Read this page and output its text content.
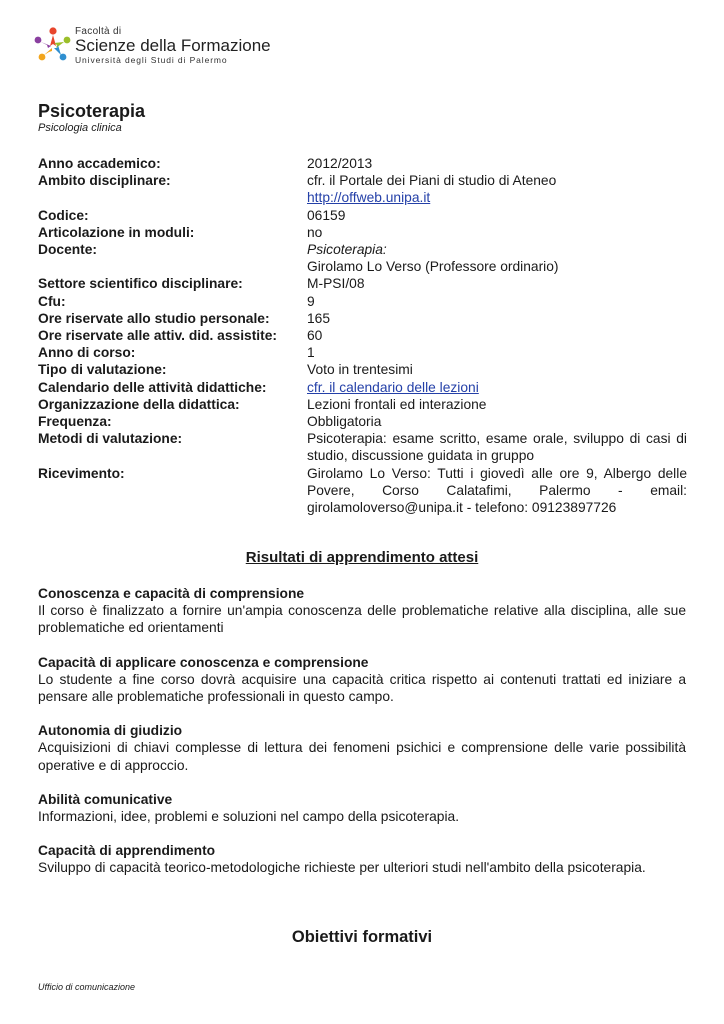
Facoltà di
Scienze della Formazione
Università degli Studi di Palermo
Psicoterapia

Psicologia clinica

Anno accademico:	2012/2013
Ambito disciplinare:	cfr. il Portale dei Piani di studio di Ateneo
http://offweb.unipa.it
Codice:	06159
Articolazione in moduli:	no
Docente:	Psicoterapia:
Girolamo Lo Verso (Professore ordinario)
Settore scientifico disciplinare:	M-PSI/08
Cfu:	9
Ore riservate allo studio personale:	165
Ore riservate alle attiv. did. assistite:	60
Anno di corso:	1
Tipo di valutazione:	Voto in trentesimi
Calendario delle attività didattiche:	cfr. il calendario delle lezioni
Organizzazione della didattica:	Lezioni frontali ed interazione
Frequenza:	Obbligatoria
Metodi di valutazione:	Psicoterapia: esame scritto, esame orale, sviluppo di casi di studio, discussione guidata in gruppo
Ricevimento:	Girolamo Lo Verso: Tutti i giovedì alle ore 9, Albergo delle Povere, Corso Calatafimi, Palermo - email: girolamoloverso@unipa.it - telefono: 09123897726
Risultati di apprendimento attesi
Conoscenza e capacità di comprensione
Il corso è finalizzato a fornire un'ampia conoscenza delle problematiche relative alla disciplina, alle sue problematiche ed orientamenti
Capacità di applicare conoscenza e comprensione
Lo studente a fine corso dovrà acquisire una capacità critica rispetto ai contenuti trattati ed iniziare a pensare alle problematiche professionali in questo campo.
Autonomia di giudizio
Acquisizioni di chiavi complesse di lettura dei fenomeni psichici e comprensione delle varie possibilità operative e di approccio.
Abilità comunicative
Informazioni, idee, problemi e soluzioni nel campo della psicoterapia.
Capacità di apprendimento
Sviluppo di capacità teorico-metodologiche richieste per ulteriori studi nell'ambito della psicoterapia.
Obiettivi formativi
Ufficio di comunicazione
